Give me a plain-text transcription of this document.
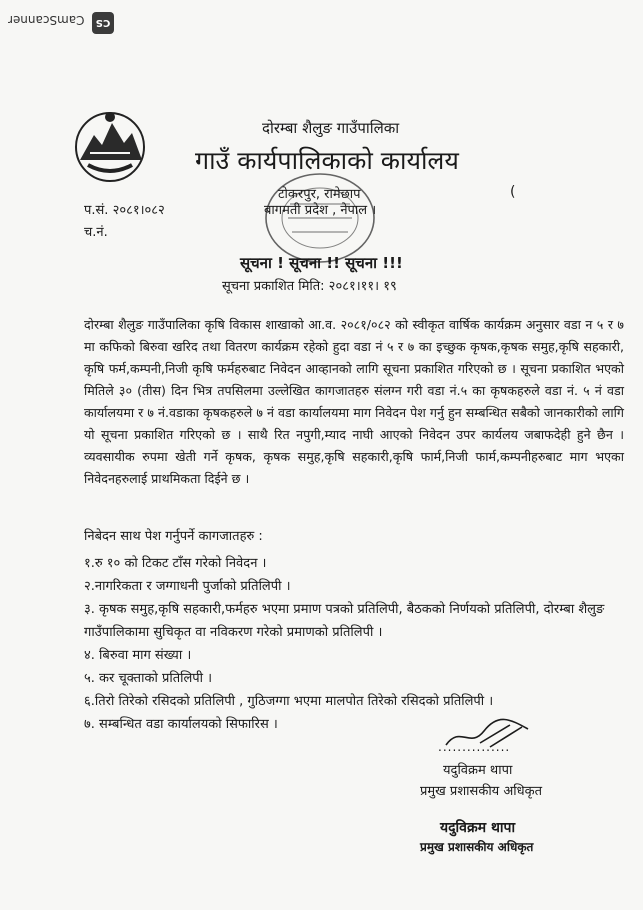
CS
CamScanner
दोरम्बा शैलुङ गाउँपालिका
गाउँ कार्यपालिकाको कार्यालय
टोकरपुर, रामेछाप
बागमती प्रदेश , नेपाल ।
(
प.सं. २०८१।०८२
च.नं.
सूचना ! सूचना !! सूचना !!!
सूचना प्रकाशित मिति: २०८१।११। १९

दोरम्बा शैलुङ गाउँपालिका कृषि विकास शाखाको आ.व. २०८१/०८२ को स्वीकृत वार्षिक कार्यक्रम अनुसार वडा न ५ र ७ मा कफिको बिरुवा खरिद तथा वितरण कार्यक्रम रहेको हुदा वडा नं ५ र ७ का इच्छुक कृषक,कृषक समुह,कृषि सहकारी, कृषि फर्म,कम्पनी,निजी कृषि फर्महरुबाट निवेदन आव्हानको लागि सूचना प्रकाशित गरिएको छ । सूचना प्रकाशित भएको मितिले ३० (तीस) दिन भित्र तपसिलमा उल्लेखित कागजातहरु संलग्न गरी वडा नं.५ का कृषकहरुले वडा नं. ५ नं वडा कार्यालयमा र ७ नं.वडाका कृषकहरुले ७ नं वडा कार्यालयमा माग निवेदन पेश गर्नु हुन सम्बन्धित सबैको जानकारीको लागि यो सूचना प्रकाशित गरिएको छ । साथै रित नपुगी,म्याद नाघी आएको निवेदन उपर कार्यलय जबाफदेही हुने छैन । व्यवसायीक रुपमा खेती गर्ने कृषक, कृषक समुह,कृषि सहकारी,कृषि फार्म,निजी फार्म,कम्पनीहरुबाट माग भएका निवेदनहरुलाई प्राथमिकता दिईने छ ।

निबेदन साथ पेश गर्नुपर्ने कागजातहरु :
१.रु १० को टिकट टाँस गरेको निवेदन ।
२.नागरिकता र जग्गाधनी पुर्जाको प्रतिलिपी ।
३. कृषक समुह,कृषि सहकारी,फर्महरु भएमा प्रमाण पत्रको प्रतिलिपी, बैठकको निर्णयको प्रतिलिपी, दोरम्बा शैलुङ गाउँपालिकामा सुचिकृत वा नविकरण गरेको प्रमाणको प्रतिलिपी ।
४. बिरुवा माग संख्या ।
५. कर चूक्ताको प्रतिलिपी ।
६.तिरो तिरेको रसिदको प्रतिलिपी , गुठिजग्गा भएमा मालपोत तिरेको रसिदको प्रतिलिपी ।
७. सम्बन्धित वडा कार्यालयको सिफारिस ।
...............
यदुविक्रम थापा
प्रमुख प्रशासकीय अधिकृत
यदुविक्रम थापा
प्रमुख प्रशासकीय अधिकृत
